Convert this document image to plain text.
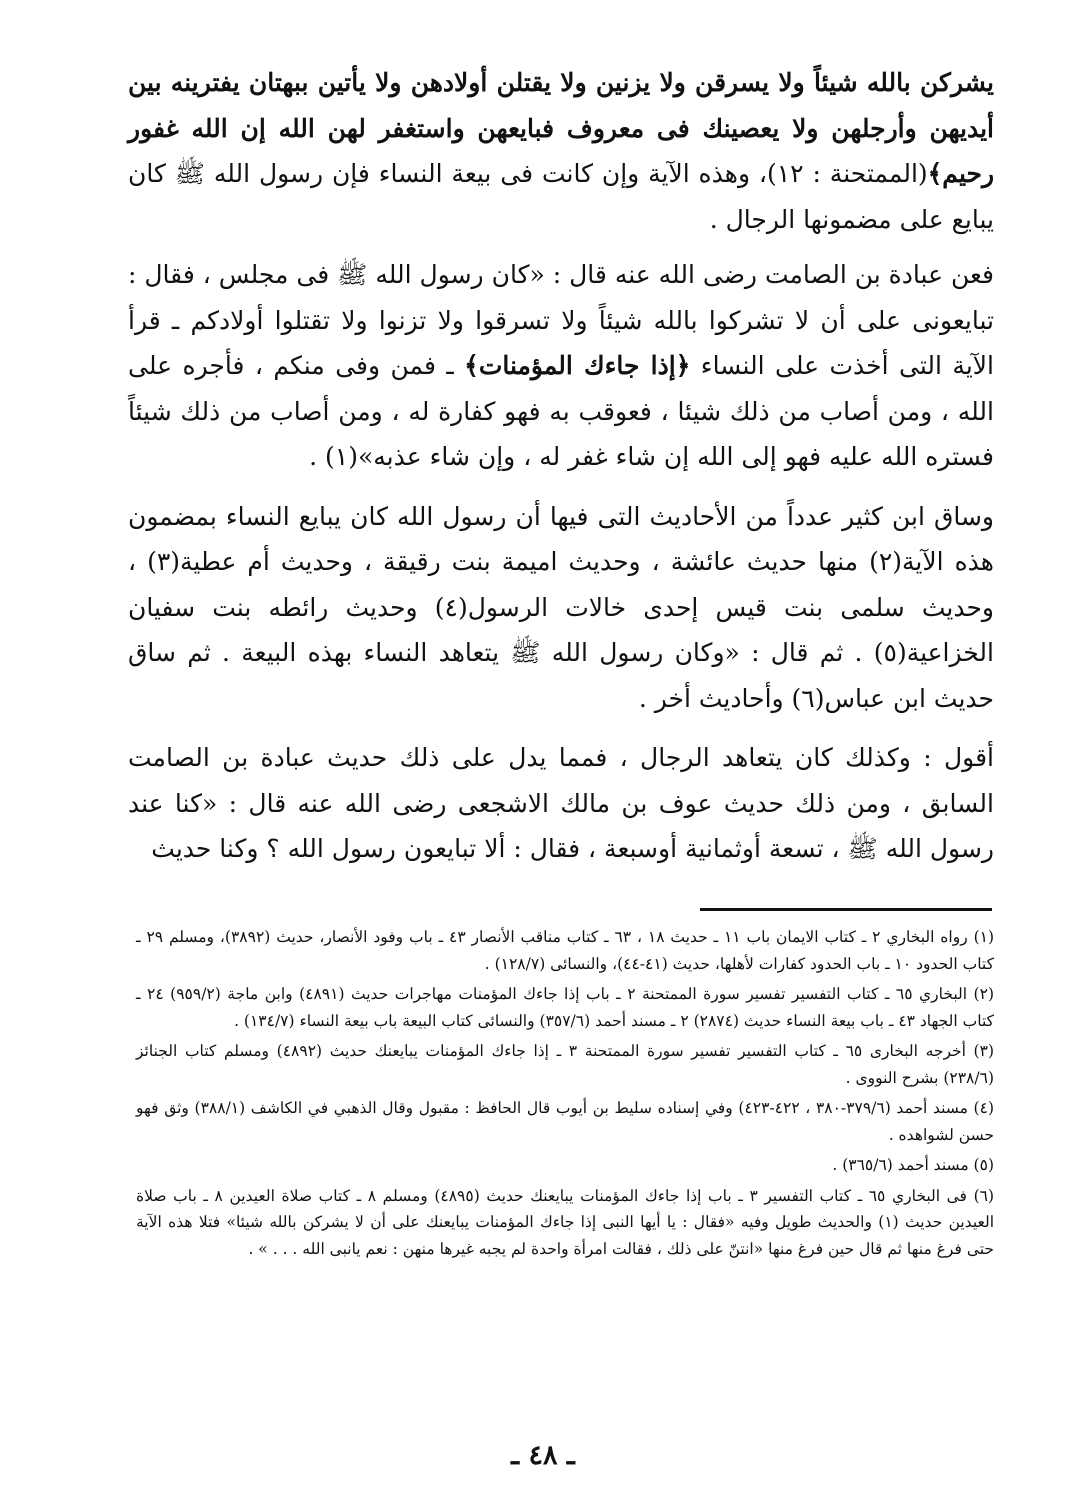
يشركن بالله شيئاً ولا يسرقن ولا يزنين ولا يقتلن أولادهن ولا يأتين ببهتان يفترينه بين أيديهن وأرجلهن ولا يعصينك فى معروف فبايعهن واستغفر لهن الله إن الله غفور رحيم﴾(الممتحنة : ١٢)، وهذه الآية وإن كانت فى بيعة النساء فإن رسول الله ﷺ كان يبايع على مضمونها الرجال .

فعن عبادة بن الصامت رضى الله عنه قال : «كان رسول الله ﷺ فى مجلس ، فقال : تبايعونى على أن لا تشركوا بالله شيئاً ولا تسرقوا ولا تزنوا ولا تقتلوا أولادكم ـ قرأ الآية التى أخذت على النساء ﴿إذا جاءك المؤمنات﴾ ـ فمن وفى منكم ، فأجره على الله ، ومن أصاب من ذلك شيئا ، فعوقب به فهو كفارة له ، ومن أصاب من ذلك شيئاً فستره الله عليه فهو إلى الله إن شاء غفر له ، وإن شاء عذبه»(١) .

وساق ابن كثير عدداً من الأحاديث التى فيها أن رسول الله كان يبايع النساء بمضمون هذه الآية(٢) منها حديث عائشة ، وحديث اميمة بنت رقيقة ، وحديث أم عطية(٣) ، وحديث سلمى بنت قيس إحدى خالات الرسول(٤) وحديث رائطه بنت سفيان الخزاعية(٥) . ثم قال : «وكان رسول الله ﷺ يتعاهد النساء بهذه البيعة . ثم ساق حديث ابن عباس(٦) وأحاديث أخر .

أقول : وكذلك كان يتعاهد الرجال ، فمما يدل على ذلك حديث عبادة بن الصامت السابق ، ومن ذلك حديث عوف بن مالك الاشجعى رضى الله عنه قال : «كنا عند رسول الله ﷺ ، تسعة أوثمانية أوسبعة ، فقال : ألا تبايعون رسول الله ؟ وكنا حديث

(١) رواه البخاري ٢ ـ كتاب الايمان باب ١١ ـ حديث ١٨ ، ٦٣ ـ كتاب مناقب الأنصار ٤٣ ـ باب وفود الأنصار، حديث (٣٨٩٢)، ومسلم ٢٩ ـ كتاب الحدود ١٠ ـ باب الحدود كفارات لأهلها، حديث (٤١-٤٤)، والنسائى (١٢٨/٧) .

(٢) البخاري ٦٥ ـ كتاب التفسير تفسير سورة الممتحنة ٢ ـ باب إذا جاءك المؤمنات مهاجرات حديث (٤٨٩١) وابن ماجة (٩٥٩/٢) ٢٤ ـ كتاب الجهاد ٤٣ ـ باب بيعة النساء حديث (٢٨٧٤) ٢ ـ مسند أحمد (٣٥٧/٦) والنسائى كتاب البيعة باب بيعة النساء (١٣٤/٧) .

(٣) أخرجه البخارى ٦٥ ـ كتاب التفسير تفسير سورة الممتحنة ٣ ـ إذا جاءك المؤمنات يبايعنك حديث (٤٨٩٢) ومسلم كتاب الجنائز (٢٣٨/٦) بشرح النووى .

(٤) مسند أحمد (٣٧٩/٦-٣٨٠ ، ٤٢٢-٤٢٣) وفي إسناده سليط بن أيوب قال الحافظ : مقبول وقال الذهبي في الكاشف (٣٨٨/١) وثق فهو حسن لشواهده .

(٥) مسند أحمد (٣٦٥/٦) .

(٦) فى البخاري ٦٥ ـ كتاب التفسير ٣ ـ باب إذا جاءك المؤمنات يبايعنك حديث (٤٨٩٥) ومسلم ٨ ـ كتاب صلاة العيدين ٨ ـ باب صلاة العيدين حديث (١) والحديث طويل وفيه «فقال : يا أيها النبى إذا جاءك المؤمنات يبايعنك على أن لا يشركن بالله شيئا» فتلا هذه الآية حتى فرغ منها ثم قال حين فرغ منها «انتنّ على ذلك ، فقالت امرأة واحدة لم يجبه غيرها منهن : نعم يانبى الله . . . » .

ـ ٤٨ ـ
